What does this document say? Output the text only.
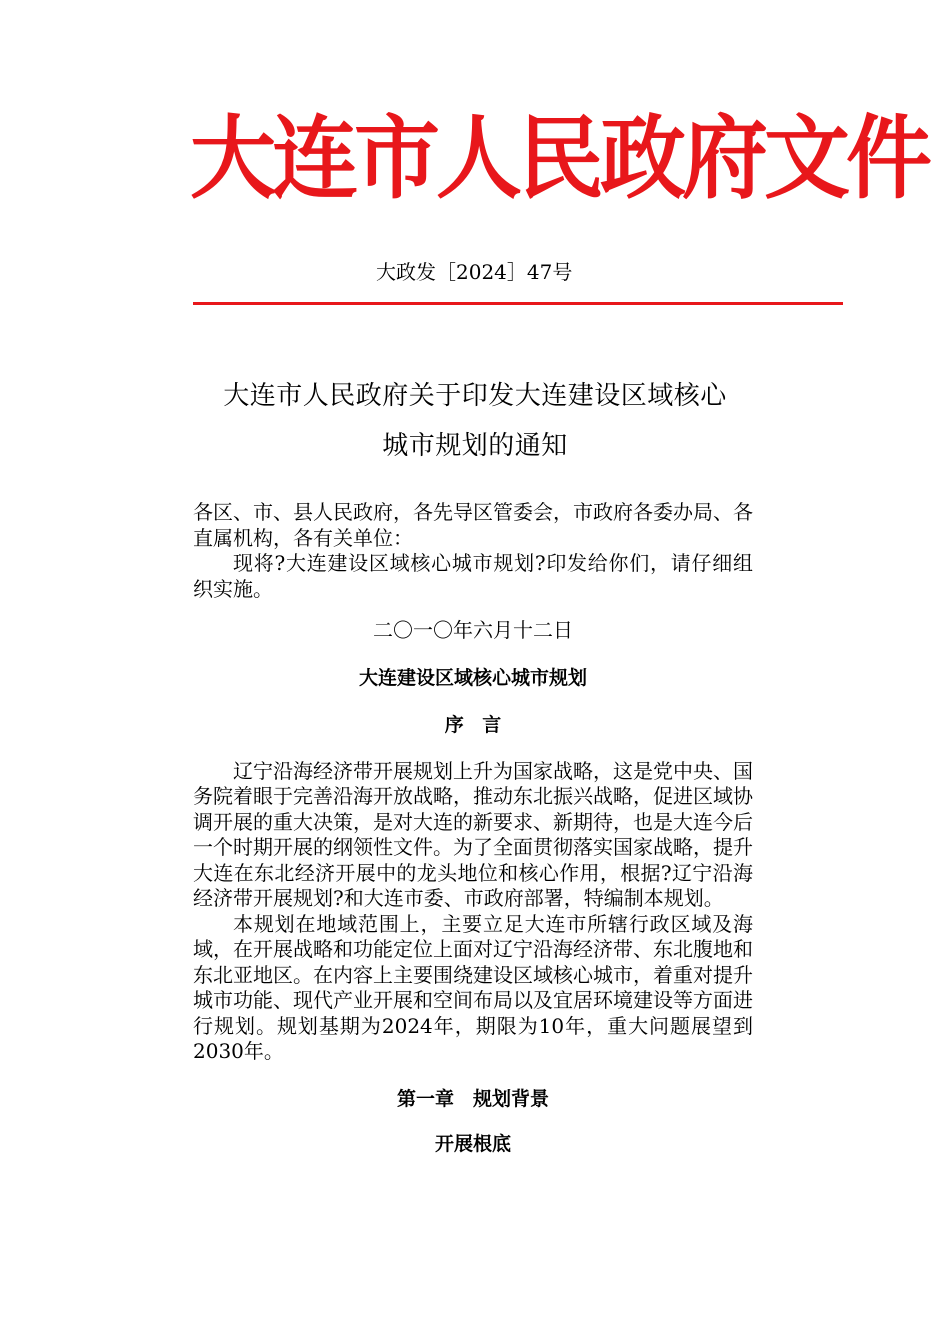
大连市人民政府文件
大政发［2024］47号
大连市人民政府关于印发大连建设区域核心
城市规划的通知

各区、市、县人民政府，各先导区管委会，市政府各委办局、各直属机构，各有关单位：

现将?大连建设区域核心城市规划?印发给你们，请仔细组织实施。

二〇一〇年六月十二日

大连建设区域核心城市规划

序 言

辽宁沿海经济带开展规划上升为国家战略，这是党中央、国务院着眼于完善沿海开放战略，推动东北振兴战略，促进区域协调开展的重大决策，是对大连的新要求、新期待，也是大连今后一个时期开展的纲领性文件。为了全面贯彻落实国家战略，提升大连在东北经济开展中的龙头地位和核心作用，根据?辽宁沿海经济带开展规划?和大连市委、市政府部署，特编制本规划。

本规划在地域范围上，主要立足大连市所辖行政区域及海域，在开展战略和功能定位上面对辽宁沿海经济带、东北腹地和东北亚地区。在内容上主要围绕建设区域核心城市，着重对提升城市功能、现代产业开展和空间布局以及宜居环境建设等方面进行规划。规划基期为2024年，期限为10年，重大问题展望到2030年。

第一章　规划背景

开展根底
